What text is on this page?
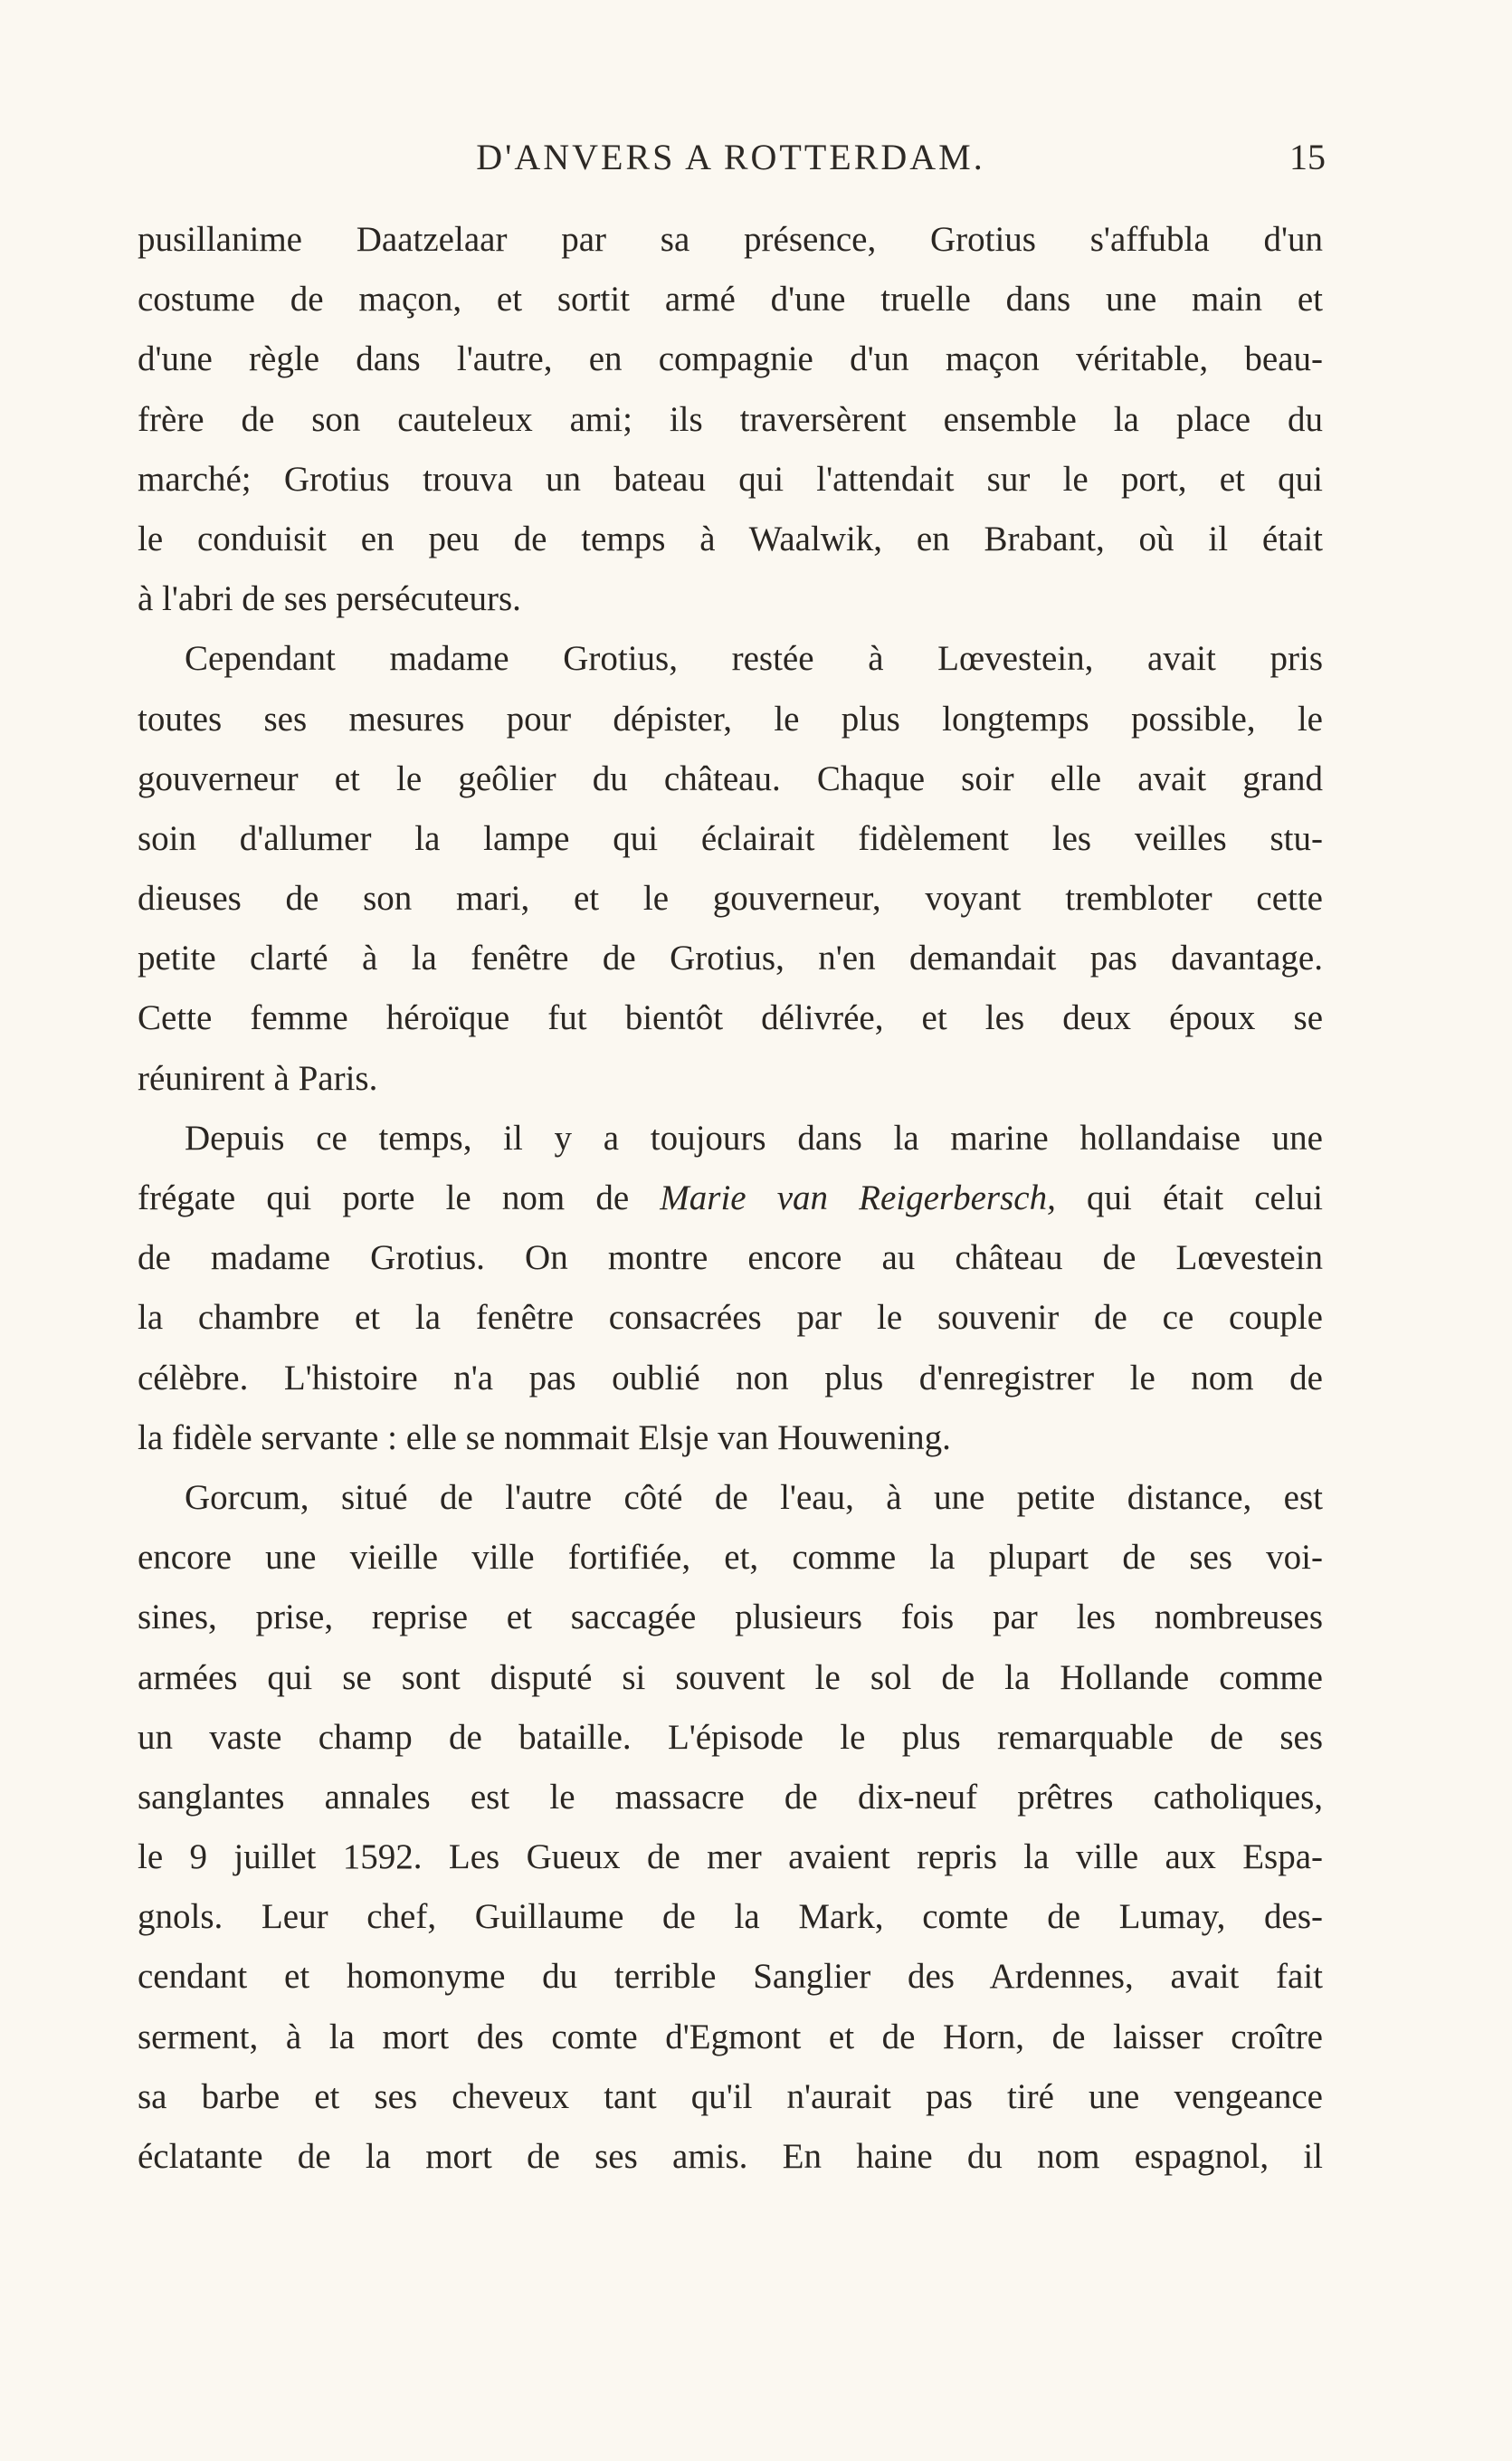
D'ANVERS A ROTTERDAM.	15
pusillanime Daatzelaar par sa présence, Grotius s'affubla d'un
costume de maçon, et sortit armé d'une truelle dans une main et
d'une règle dans l'autre, en compagnie d'un maçon véritable, beau-
frère de son cauteleux ami; ils traversèrent ensemble la place du
marché; Grotius trouva un bateau qui l'attendait sur le port, et qui
le conduisit en peu de temps à Waalwik, en Brabant, où il était
à l'abri de ses persécuteurs.
Cependant madame Grotius, restée à Lœvestein, avait pris
toutes ses mesures pour dépister, le plus longtemps possible, le
gouverneur et le geôlier du château. Chaque soir elle avait grand
soin d'allumer la lampe qui éclairait fidèlement les veilles stu-
dieuses de son mari, et le gouverneur, voyant trembloter cette
petite clarté à la fenêtre de Grotius, n'en demandait pas davantage.
Cette femme héroïque fut bientôt délivrée, et les deux époux se
réunirent à Paris.
Depuis ce temps, il y a toujours dans la marine hollandaise une
frégate qui porte le nom de Marie van Reigerbersch, qui était celui
de madame Grotius. On montre encore au château de Lœvestein
la chambre et la fenêtre consacrées par le souvenir de ce couple
célèbre. L'histoire n'a pas oublié non plus d'enregistrer le nom de
la fidèle servante : elle se nommait Elsje van Houwening.
Gorcum, situé de l'autre côté de l'eau, à une petite distance, est
encore une vieille ville fortifiée, et, comme la plupart de ses voi-
sines, prise, reprise et saccagée plusieurs fois par les nombreuses
armées qui se sont disputé si souvent le sol de la Hollande comme
un vaste champ de bataille. L'épisode le plus remarquable de ses
sanglantes annales est le massacre de dix-neuf prêtres catholiques,
le 9 juillet 1592. Les Gueux de mer avaient repris la ville aux Espa-
gnols. Leur chef, Guillaume de la Mark, comte de Lumay, des-
cendant et homonyme du terrible Sanglier des Ardennes, avait fait
serment, à la mort des comte d'Egmont et de Horn, de laisser croître
sa barbe et ses cheveux tant qu'il n'aurait pas tiré une vengeance
éclatante de la mort de ses amis. En haine du nom espagnol, il
